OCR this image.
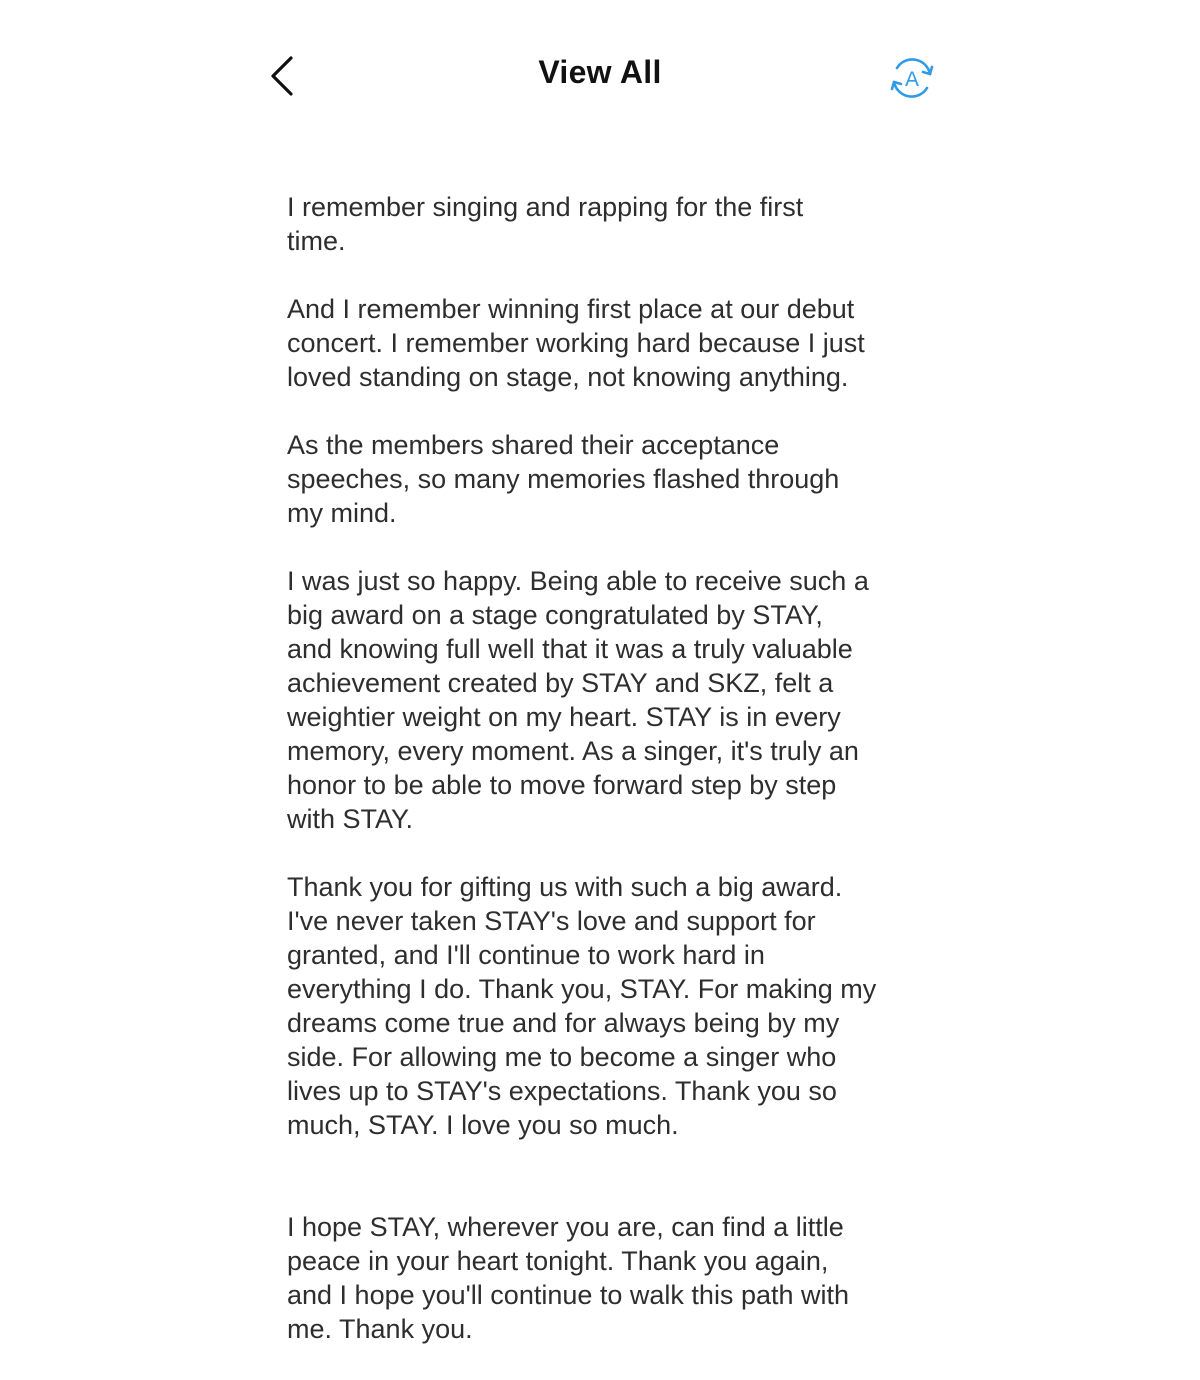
View All	A

I remember singing and rapping for the first
time.

And I remember winning first place at our debut
concert. I remember working hard because I just
loved standing on stage, not knowing anything.

As the members shared their acceptance
speeches, so many memories flashed through
my mind.

I was just so happy. Being able to receive such a
big award on a stage congratulated by STAY,
and knowing full well that it was a truly valuable
achievement created by STAY and SKZ, felt a
weightier weight on my heart. STAY is in every
memory, every moment. As a singer, it's truly an
honor to be able to move forward step by step
with STAY.

Thank you for gifting us with such a big award.
I've never taken STAY's love and support for
granted, and I'll continue to work hard in
everything I do. Thank you, STAY. For making my
dreams come true and for always being by my
side. For allowing me to become a singer who
lives up to STAY's expectations. Thank you so
much, STAY. I love you so much.

I hope STAY, wherever you are, can find a little
peace in your heart tonight. Thank you again,
and I hope you'll continue to walk this path with
me. Thank you.
